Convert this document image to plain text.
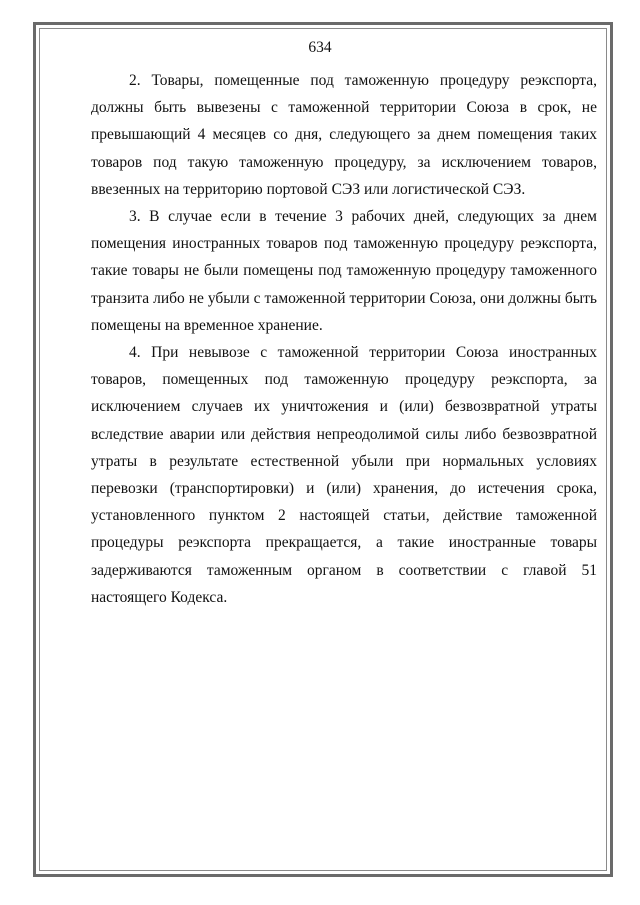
634

2. Товары, помещенные под таможенную процедуру реэкспорта, должны быть вывезены с таможенной территории Союза в срок, не превышающий 4 месяцев со дня, следующего за днем помещения таких товаров под такую таможенную процедуру, за исключением товаров, ввезенных на территорию портовой СЭЗ или логистической СЭЗ.

3. В случае если в течение 3 рабочих дней, следующих за днем помещения иностранных товаров под таможенную процедуру реэкспорта, такие товары не были помещены под таможенную процедуру таможенного транзита либо не убыли с таможенной территории Союза, они должны быть помещены на временное хранение.

4. При невывозе с таможенной территории Союза иностранных товаров, помещенных под таможенную процедуру реэкспорта, за исключением случаев их уничтожения и (или) безвозвратной утраты вследствие аварии или действия непреодолимой силы либо безвозвратной утраты в результате естественной убыли при нормальных условиях перевозки (транспортировки) и (или) хранения, до истечения срока, установленного пунктом 2 настоящей статьи, действие таможенной процедуры реэкспорта прекращается, а такие иностранные товары задерживаются таможенным органом в соответствии с главой 51 настоящего Кодекса.
